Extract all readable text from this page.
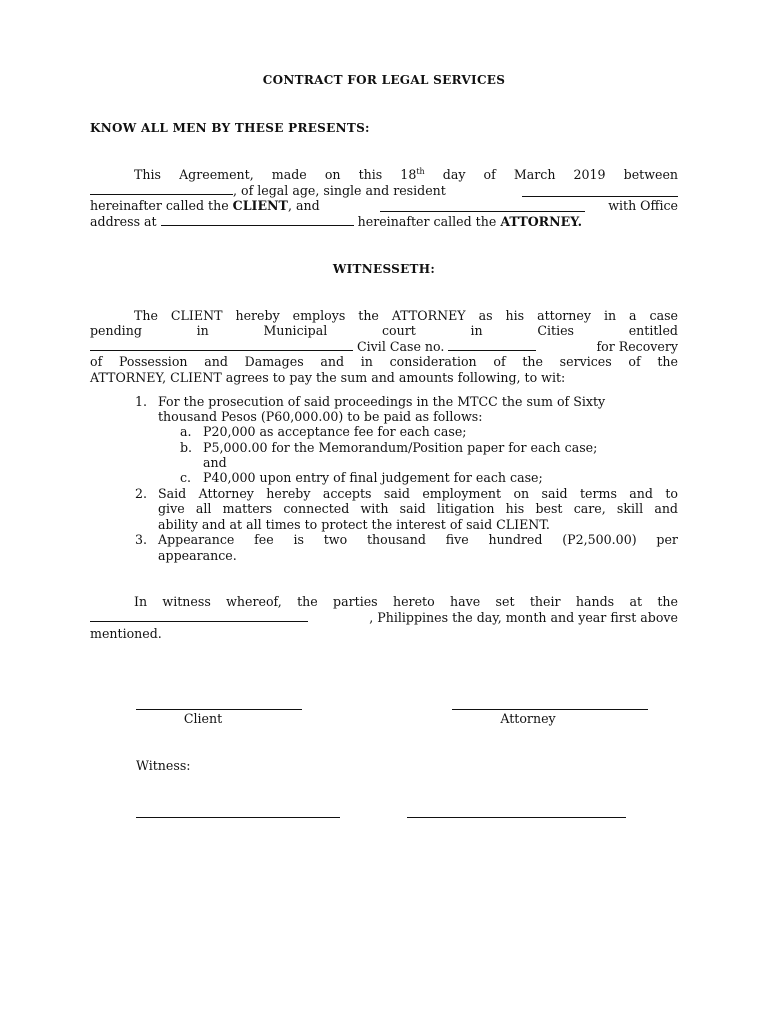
CONTRACT FOR LEGAL SERVICES
KNOW ALL MEN BY THESE PRESENTS:
This Agreement, made on this 18th day of March 2019 between
, of legal age, single and resident
hereinafter called the CLIENT, and	with Office
address at	hereinafter called the ATTORNEY.
WITNESSETH:
The CLIENT hereby employs the ATTORNEY as his attorney in a case
pending	in	Municipal	court	in	Cities	entitled
Civil Case no.	for Recovery
of Possession and Damages and in consideration of the services of the
ATTORNEY, CLIENT agrees to pay the sum and amounts following, to wit:
1. For the prosecution of said proceedings in the MTCC the sum of Sixty
thousand Pesos (P60,000.00) to be paid as follows:
a. P20,000 as acceptance fee for each case;
b. P5,000.00 for the Memorandum/Position paper for each case;
and
c. P40,000 upon entry of final judgement for each case;
2. Said Attorney hereby accepts said employment on said terms and to
give all matters connected with said litigation his best care, skill and
ability and at all times to protect the interest of said CLIENT.
3. Appearance fee is two thousand five hundred (P2,500.00) per
appearance.
In witness whereof, the parties hereto have set their hands at the
, Philippines the day, month and year first above
mentioned.
Client	Attorney
Witness:
